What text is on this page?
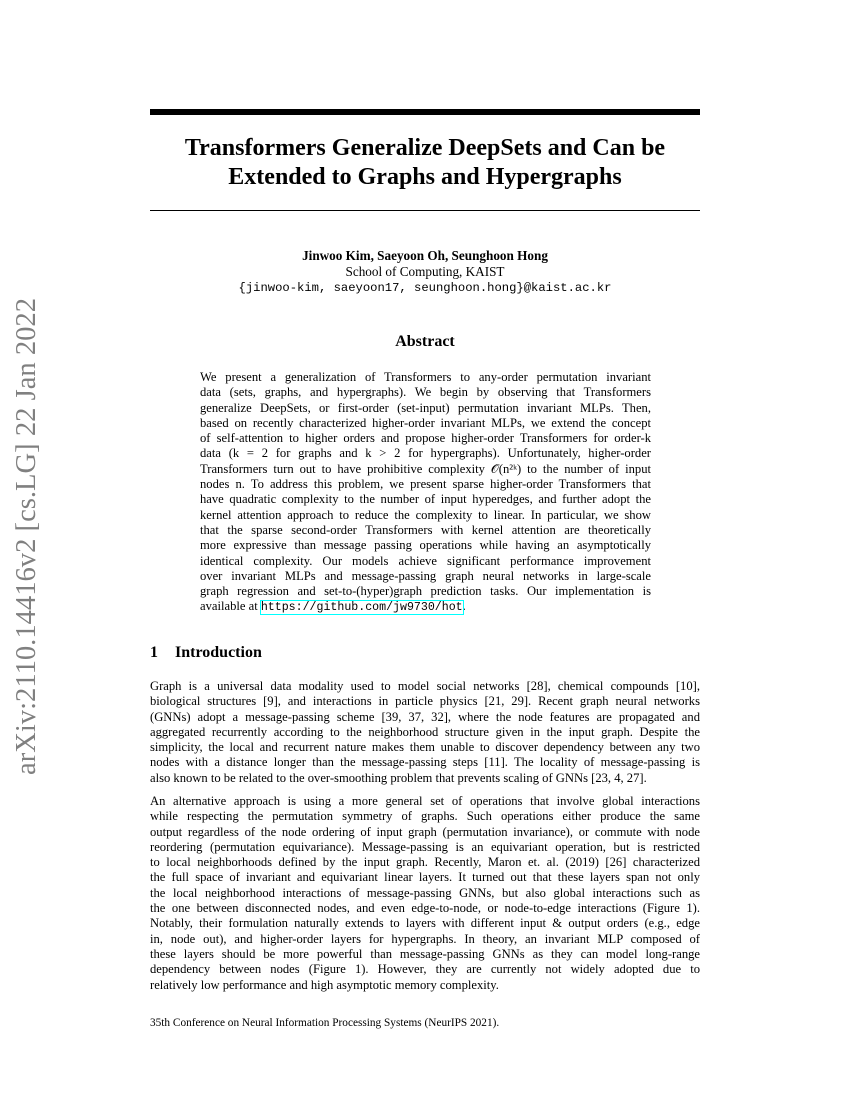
arXiv:2110.14416v2 [cs.LG] 22 Jan 2022
Transformers Generalize DeepSets and Can be
Extended to Graphs and Hypergraphs
Jinwoo Kim, Saeyoon Oh, Seunghoon Hong
School of Computing, KAIST
{jinwoo-kim, saeyoon17, seunghoon.hong}@kaist.ac.kr
Abstract
We present a generalization of Transformers to any-order permutation invariant
data (sets, graphs, and hypergraphs). We begin by observing that Transformers
generalize DeepSets, or first-order (set-input) permutation invariant MLPs. Then,
based on recently characterized higher-order invariant MLPs, we extend the concept
of self-attention to higher orders and propose higher-order Transformers for order-k
data (k = 2 for graphs and k > 2 for hypergraphs). Unfortunately, higher-order
Transformers turn out to have prohibitive complexity 𝒪(n²ᵏ) to the number of input
nodes n. To address this problem, we present sparse higher-order Transformers that
have quadratic complexity to the number of input hyperedges, and further adopt the
kernel attention approach to reduce the complexity to linear. In particular, we show
that the sparse second-order Transformers with kernel attention are theoretically
more expressive than message passing operations while having an asymptotically
identical complexity. Our models achieve significant performance improvement
over invariant MLPs and message-passing graph neural networks in large-scale
graph regression and set-to-(hyper)graph prediction tasks. Our implementation is
available at https://github.com/jw9730/hot.
1 Introduction
Graph is a universal data modality used to model social networks [28], chemical compounds [10],
biological structures [9], and interactions in particle physics [21, 29]. Recent graph neural networks
(GNNs) adopt a message-passing scheme [39, 37, 32], where the node features are propagated and
aggregated recurrently according to the neighborhood structure given in the input graph. Despite the
simplicity, the local and recurrent nature makes them unable to discover dependency between any two
nodes with a distance longer than the message-passing steps [11]. The locality of message-passing is
also known to be related to the over-smoothing problem that prevents scaling of GNNs [23, 4, 27].
An alternative approach is using a more general set of operations that involve global interactions
while respecting the permutation symmetry of graphs. Such operations either produce the same
output regardless of the node ordering of input graph (permutation invariance), or commute with node
reordering (permutation equivariance). Message-passing is an equivariant operation, but is restricted
to local neighborhoods defined by the input graph. Recently, Maron et. al. (2019) [26] characterized
the full space of invariant and equivariant linear layers. It turned out that these layers span not only
the local neighborhood interactions of message-passing GNNs, but also global interactions such as
the one between disconnected nodes, and even edge-to-node, or node-to-edge interactions (Figure 1).
Notably, their formulation naturally extends to layers with different input & output orders (e.g., edge
in, node out), and higher-order layers for hypergraphs. In theory, an invariant MLP composed of
these layers should be more powerful than message-passing GNNs as they can model long-range
dependency between nodes (Figure 1). However, they are currently not widely adopted due to
relatively low performance and high asymptotic memory complexity.
35th Conference on Neural Information Processing Systems (NeurIPS 2021).
